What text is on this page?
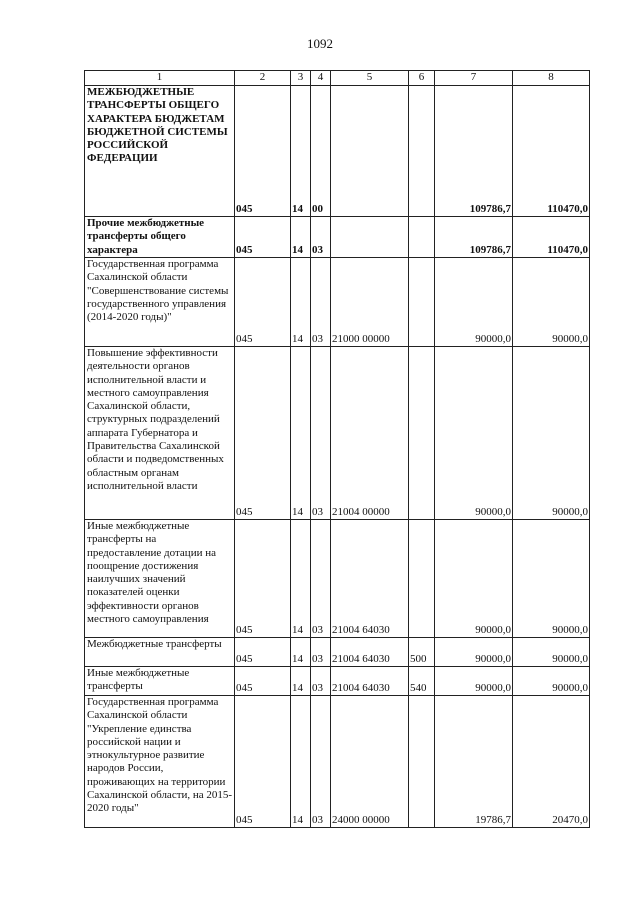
1092
1	2	3	4	5	6	7	8

МЕЖБЮДЖЕТНЫЕ ТРАНСФЕРТЫ ОБЩЕГО ХАРАКТЕРА БЮДЖЕТАМ БЮДЖЕТНОЙ СИСТЕМЫ РОССИЙСКОЙ ФЕДЕРАЦИИ	045	14	00			109786,7	110470,0

Прочие межбюджетные трансферты общего характера	045	14	03			109786,7	110470,0

Государственная программа Сахалинской области "Совершенствование системы государственного управления (2014-2020 годы)"	045	14	03	21000 00000		90000,0	90000,0

Повышение эффективности деятельности органов исполнительной власти и местного самоуправления Сахалинской области, структурных подразделений аппарата Губернатора и Правительства Сахалинской области и подведомственных областным органам исполнительной власти	045	14	03	21004 00000		90000,0	90000,0

Иные межбюджетные трансферты на предоставление дотации на поощрение достижения наилучших значений показателей оценки эффективности органов местного самоуправления	045	14	03	21004 64030		90000,0	90000,0

Межбюджетные трансферты	045	14	03	21004 64030	500	90000,0	90000,0

Иные межбюджетные трансферты	045	14	03	21004 64030	540	90000,0	90000,0

Государственная программа Сахалинской области "Укрепление единства российской нации и этнокультурное развитие народов России, проживающих на территории Сахалинской области, на 2015-2020 годы"	045	14	03	24000 00000		19786,7	20470,0
